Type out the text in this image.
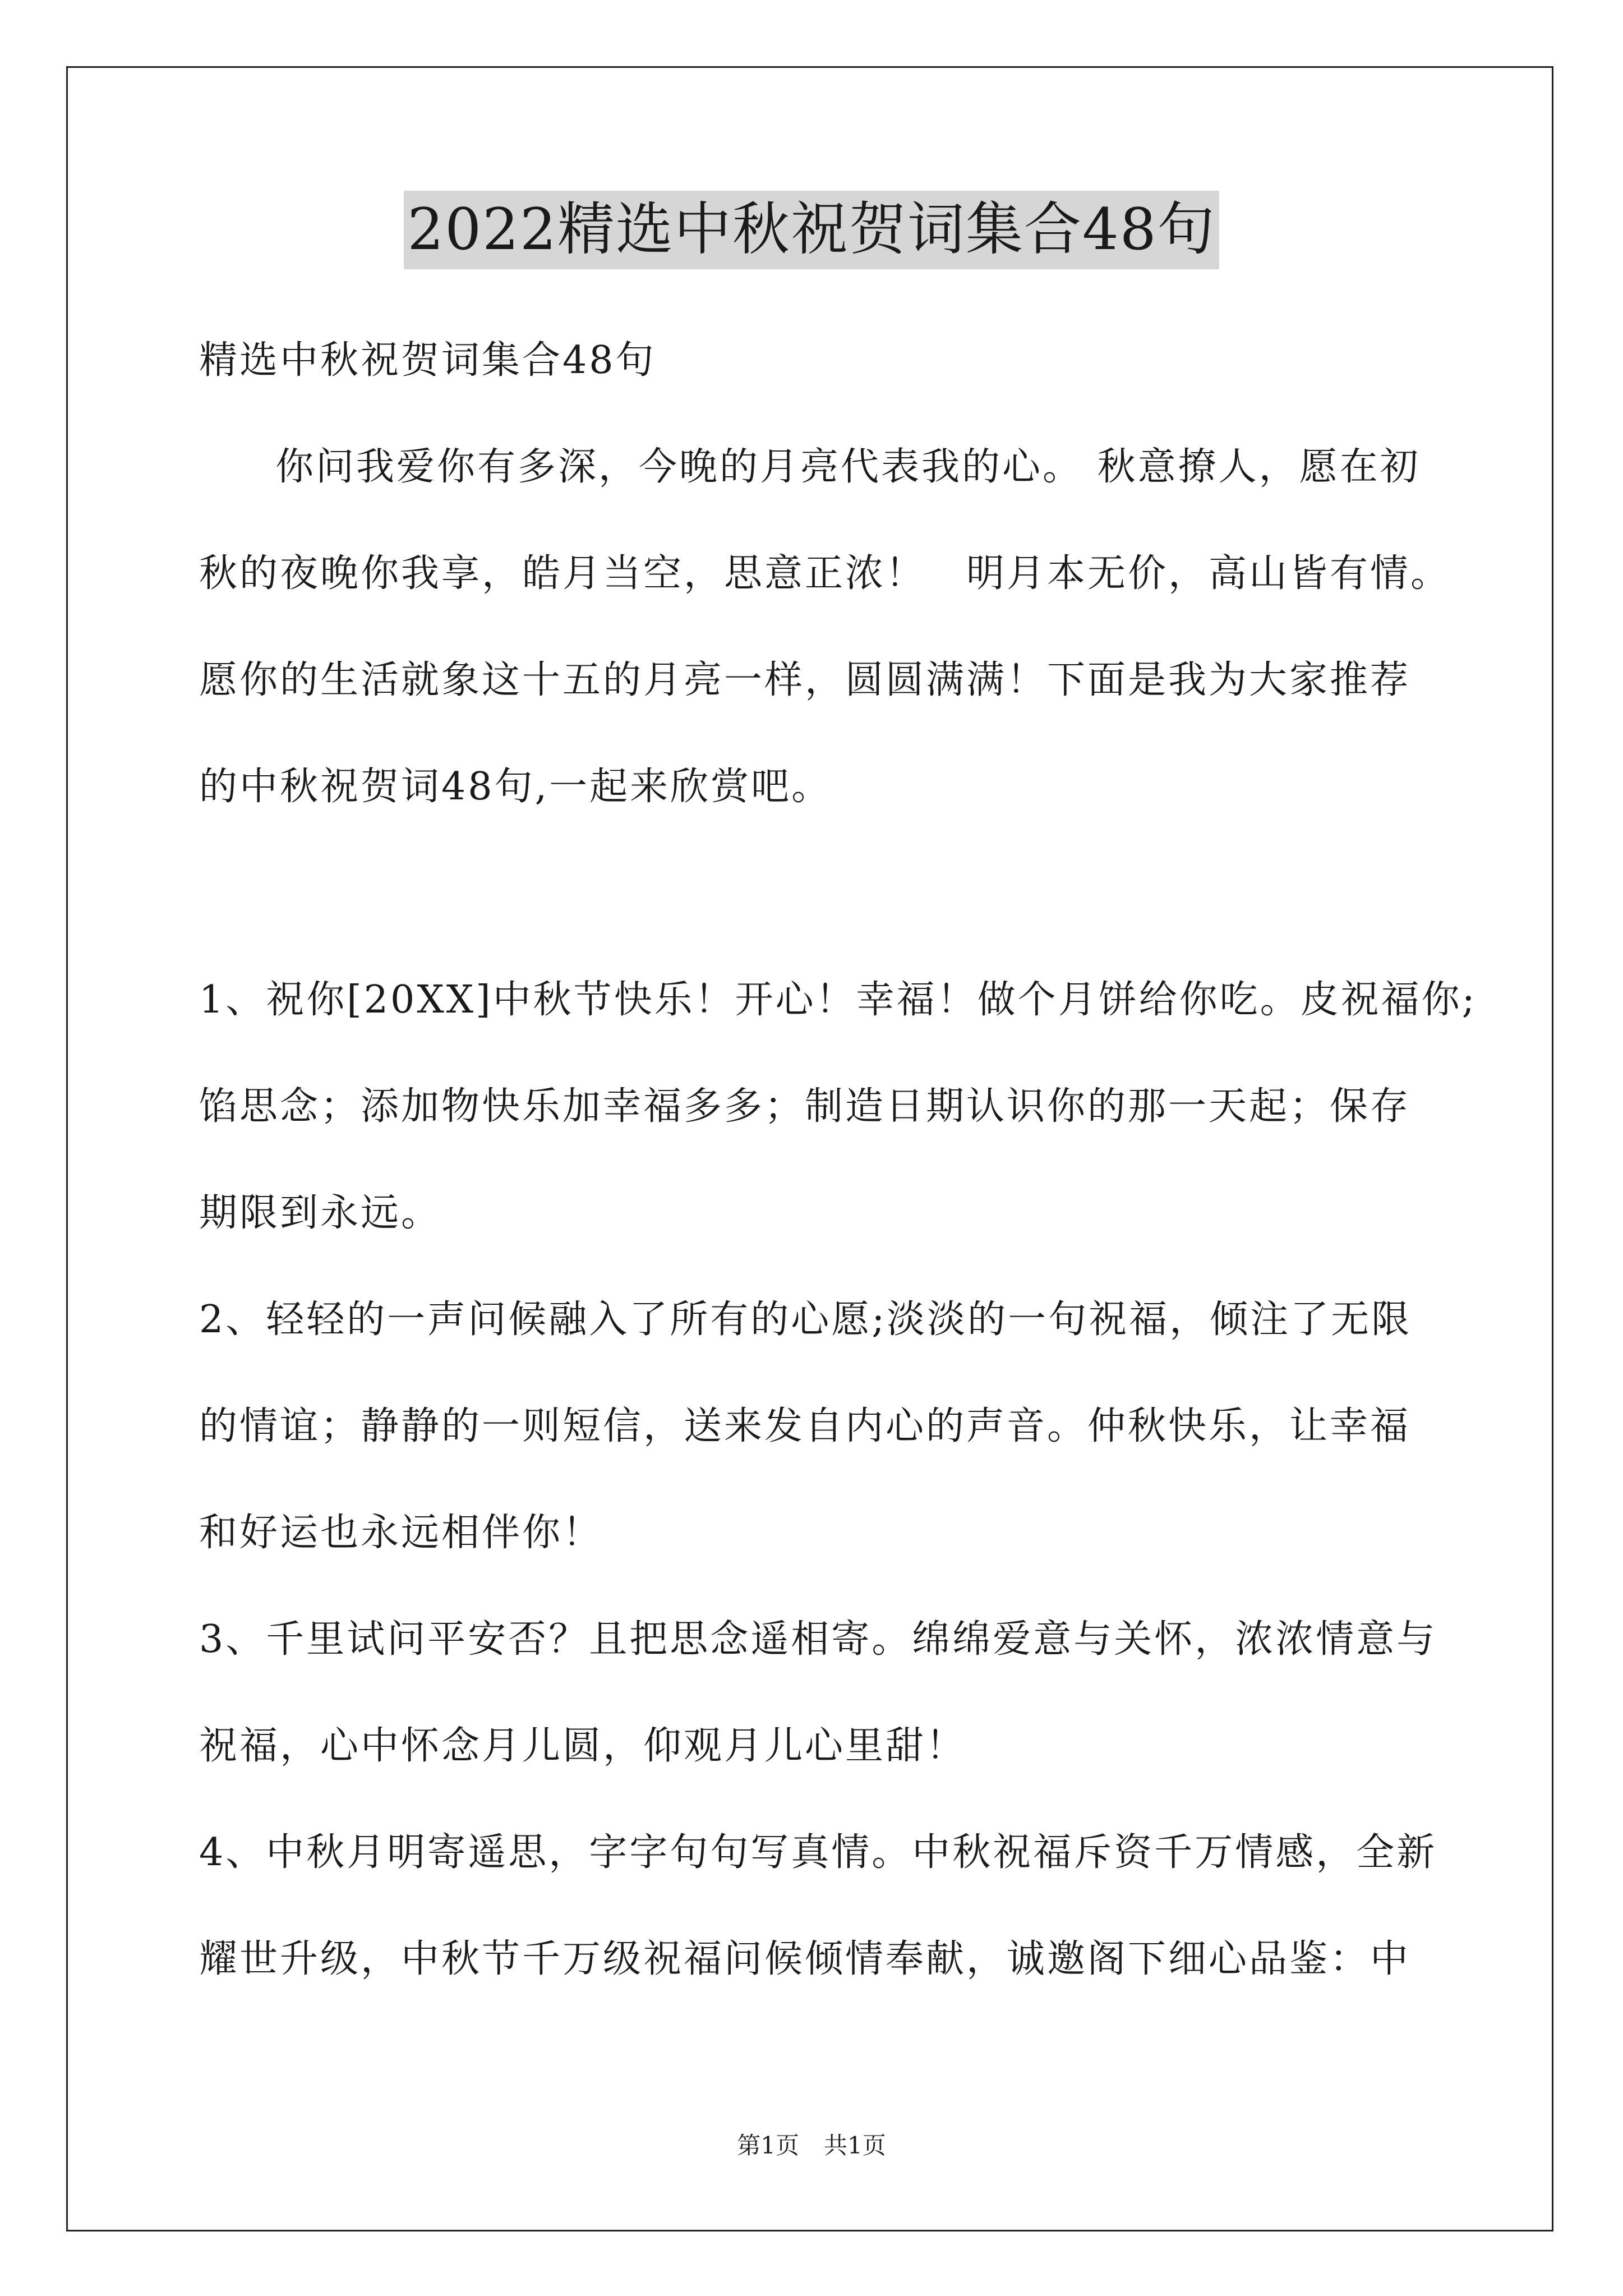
2022精选中秋祝贺词集合48句

精选中秋祝贺词集合48句

你问我爱你有多深，今晚的月亮代表我的心。 秋意撩人，愿在初

秋的夜晚你我享，皓月当空，思意正浓！　明月本无价，高山皆有情。

愿你的生活就象这十五的月亮一样，圆圆满满！下面是我为大家推荐

的中秋祝贺词48句,一起来欣赏吧。

1、祝你[20XX]中秋节快乐！开心！幸福！做个月饼给你吃。皮祝福你;

馅思念；添加物快乐加幸福多多；制造日期认识你的那一天起；保存

期限到永远。

2、轻轻的一声问候融入了所有的心愿;淡淡的一句祝福，倾注了无限

的情谊；静静的一则短信，送来发自内心的声音。仲秋快乐，让幸福

和好运也永远相伴你！

3、千里试问平安否？且把思念遥相寄。绵绵爱意与关怀，浓浓情意与

祝福，心中怀念月儿圆，仰观月儿心里甜！

4、中秋月明寄遥思，字字句句写真情。中秋祝福斥资千万情感，全新

耀世升级，中秋节千万级祝福问候倾情奉献，诚邀阁下细心品鉴：中

第1页 共1页
